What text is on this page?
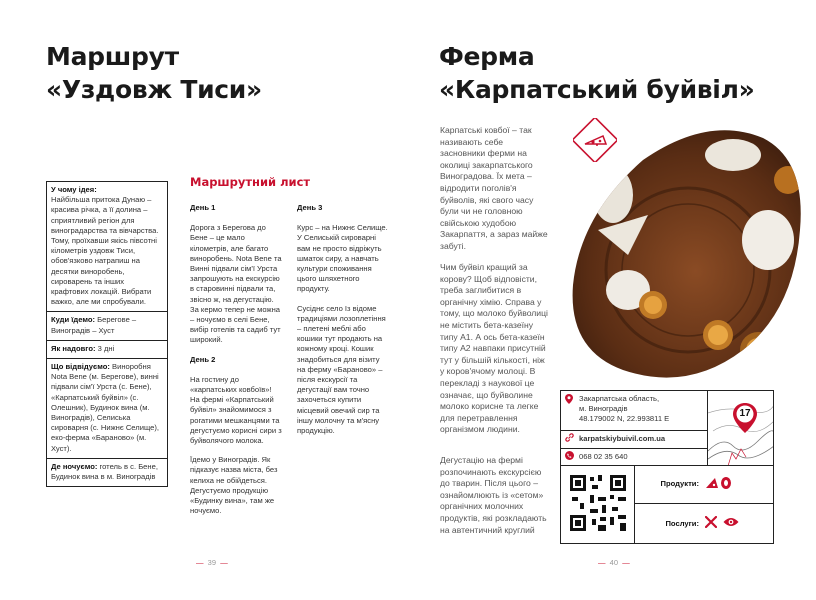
Маршрут
«Уздовж Тиси»
У чому ідея:
Найбільша притока Дунаю – красива річка, а її долина – сприятливий регіон для виноградарства та вівчарства. Тому, проїхавши якісь півсотні кілометрів уздовж Тиси, обов'язково натрапиш на десятки виноробень, сироварень та інших крафтових локацій. Вибрати важко, але ми спробували.
Куди їдемо: Берегове – Виноградів – Хуст
Як надовго: 3 дні
Що відвідуємо: Виноробня Nota Bene (м. Берегове), винні підвали сім'ї Урста (с. Бене), «Карпатський буйвіл» (с. Олешник), Будинок вина (м. Виноградів), Селиська сироварня (с. Нижнє Селище), еко-ферма «Бараново» (м. Хуст).
Де ночуємо: готель в с. Бене, Будинок вина в м. Виноградів
Маршрутний лист

День 1

Дорога з Берегова до Бене – це мало кілометрів, але багато виноробень. Nota Bene та Винні підвали сім'ї Урста запрошують на екскурсію в старовинні підвали та, звісно ж, на дегустацію. За кермо тепер не можна – ночуємо в селі Бене, вибір готелів та садиб тут широкий.

День 2

На гостину до «карпатських ковбоїв»! На фермі «Карпатський буйвіл» знайомимося з рогатими мешканцями та дегустуємо корисні сири з буйволячого молока.

Їдемо у Виноградів. Як підказує назва міста, без келиха не обійдеться. Дегустуємо продукцію «Будинку вина», там же ночуємо.

День 3

Курс – на Нижнє Селище. У Селиській сироварні вам не просто відріжуть шматок сиру, а навчать культури споживання цього шляхетного продукту.

Сусіднє село Із відоме традиціями лозоплетіння – плетені меблі або кошики тут продають на кожному кроці. Кошик знадобиться для візиту на ферму «Бараново» – після екскурсії та дегустації вам точно захочеться купити місцевий овечий сир та іншу молочну та м'ясну продукцію.

— 39 —
Ферма
«Карпатський буйвіл»

Карпатські ковбої – так називають себе засновники ферми на околиці закарпатського Виноградова. Їх мета – відродити поголів'я буйволів, які свого часу були чи не головною свійською худобою Закарпаття, а зараз майже забуті.

Чим буйвіл кращий за корову? Щоб відповісти, треба заглибитися в органічну хімію. Справа у тому, що молоко буйволиці не містить бета-казеїну типу А1. А ось бета-казеїн типу А2 навпаки присутній тут у більшій кількості, ніж у коров'ячому молоці. В перекладі з наукової це означає, що буйволине молоко корисне та легке для перетравлення організмом людини.

Дегустацію на фермі розпочинають екскурсією до тварин. Після цього – ознайомлюють із «сетом» органічних молочних продуктів, які розкладають на автентичний круглий

Закарпатська область,
м. Виноградів
48.179002 N, 22.993811 E
karpatskiybuivil.com.ua
068 02 35 640
17
Продукти:
Послуги:
— 40 —
